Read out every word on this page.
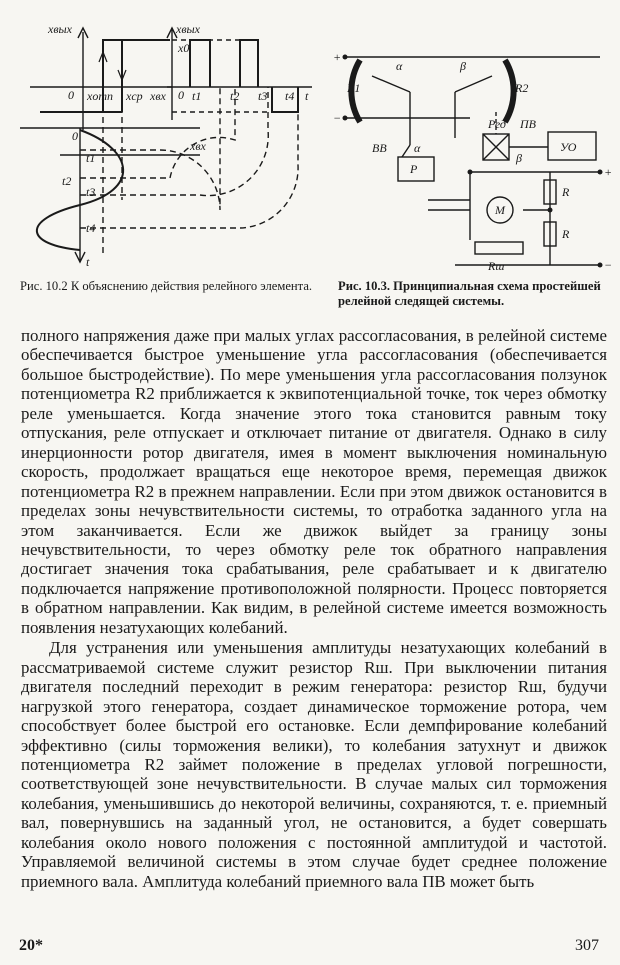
xвых	xвых
x0
0	0
0
xотп xср xвх t1 t2 t3 t4 t
xвх
t1
t2
t3
t4
t
+
−
+
−
R1	R2
α	β
α
β
ВВ
Ред ПВ
УО
Р
М
R
R
Rш
Рис. 10.2 К объяснению действия релейного элемента.	Рис. 10.3. Принципиальная схема простейшей релейной следящей системы.

полного напряжения даже при малых углах рассогласования, в релейной системе обеспечивается быстрое уменьшение угла рассогласования (обеспечивается большое быстродействие). По мере уменьшения угла рассогласования ползунок потенциометра R2 приближается к эквипотенциальной точке, ток через обмотку реле уменьшается. Когда значение этого тока становится равным току отпускания, реле отпускает и отключает питание от двигателя. Однако в силу инерционности ротор двигателя, имея в момент выключения номинальную скорость, продолжает вращаться еще некоторое время, перемещая движок потенциометра R2 в прежнем направлении. Если при этом движок остановится в пределах зоны нечувствительности системы, то отработка заданного угла на этом заканчивается. Если же движок выйдет за границу зоны нечувствительности, то через обмотку реле ток обратного направления достигает значения тока срабатывания, реле срабатывает и к двигателю подключается напряжение противоположной полярности. Процесс повторяется в обратном направлении. Как видим, в релейной системе имеется возможность появления незатухающих колебаний.

Для устранения или уменьшения амплитуды незатухающих колебаний в рассматриваемой системе служит резистор Rш. При выключении питания двигателя последний переходит в режим генератора: резистор Rш, будучи нагрузкой этого генератора, создает динамическое торможение ротора, чем способствует более быстрой его остановке. Если демпфирование колебаний эффективно (силы торможения велики), то колебания затухнут и движок потенциометра R2 займет положение в пределах угловой погрешности, соответствующей зоне нечувствительности. В случае малых сил торможения колебания, уменьшившись до некоторой величины, сохраняются, т. е. приемный вал, повернувшись на заданный угол, не остановится, а будет совершать колебания около нового положения с постоянной амплитудой и частотой. Управляемой величиной системы в этом случае будет среднее положение приемного вала. Амплитуда колебаний приемного вала ПВ может быть

20*	307
